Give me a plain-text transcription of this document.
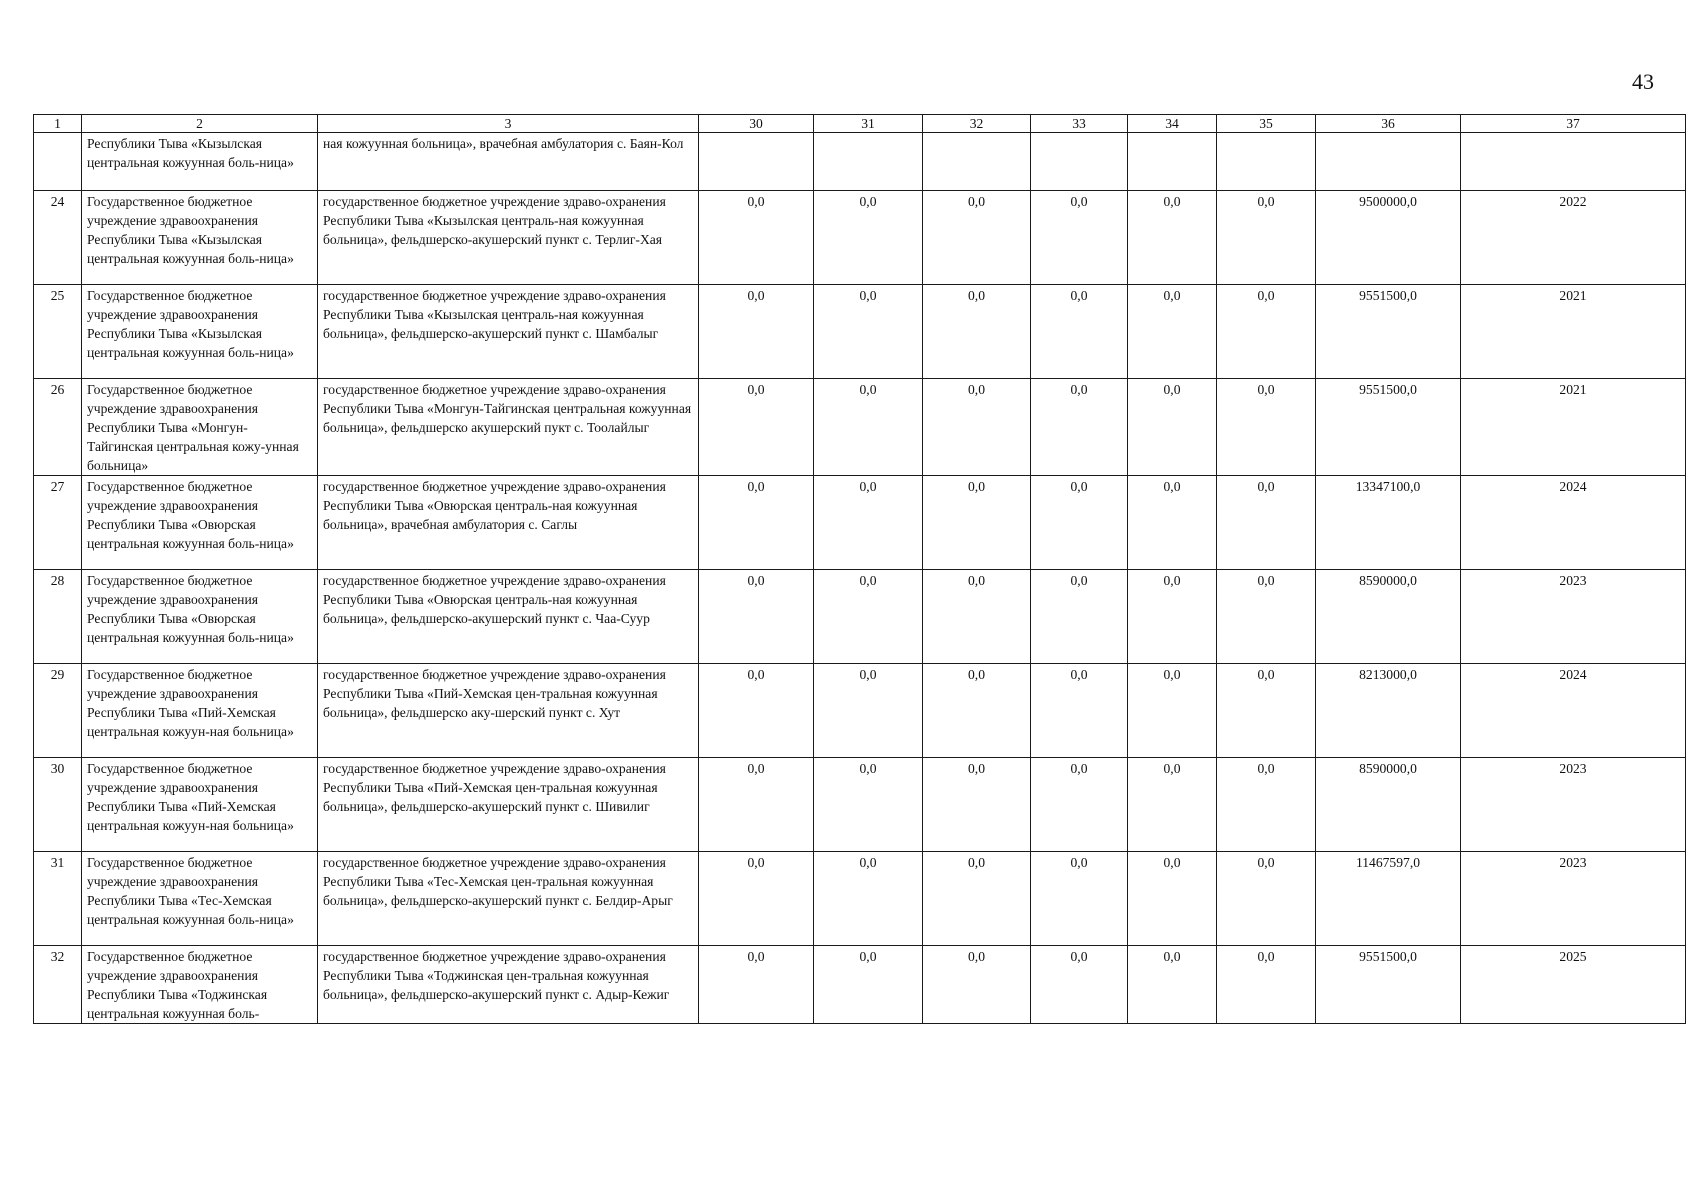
43
1	2	3	30	31	32	33	34	35	36	37
	Республики Тыва «Кызылская центральная кожуунная боль-ница»	ная кожуунная больница», врачебная амбулатория с. Баян-Кол								
24	Государственное бюджетное учреждение здравоохранения Республики Тыва «Кызылская центральная кожуунная боль-ница»	государственное бюджетное учреждение здраво-охранения Республики Тыва «Кызылская централь-ная кожуунная больница», фельдшерско-акушерский пункт с. Терлиг-Хая	0,0	0,0	0,0	0,0	0,0	0,0	9500000,0	2022
25	Государственное бюджетное учреждение здравоохранения Республики Тыва «Кызылская центральная кожуунная боль-ница»	государственное бюджетное учреждение здраво-охранения Республики Тыва «Кызылская централь-ная кожуунная больница», фельдшерско-акушерский пункт с. Шамбалыг	0,0	0,0	0,0	0,0	0,0	0,0	9551500,0	2021
26	Государственное бюджетное учреждение здравоохранения Республики Тыва «Монгун-Тайгинская центральная кожу-унная больница»	государственное бюджетное учреждение здраво-охранения Республики Тыва «Монгун-Тайгинская центральная кожуунная больница», фельдшерско акушерский пукт с. Тоолайлыг	0,0	0,0	0,0	0,0	0,0	0,0	9551500,0	2021
27	Государственное бюджетное учреждение здравоохранения Республики Тыва «Овюрская центральная кожуунная боль-ница»	государственное бюджетное учреждение здраво-охранения Республики Тыва «Овюрская централь-ная кожуунная больница», врачебная амбулатория с. Саглы	0,0	0,0	0,0	0,0	0,0	0,0	13347100,0	2024
28	Государственное бюджетное учреждение здравоохранения Республики Тыва «Овюрская центральная кожуунная боль-ница»	государственное бюджетное учреждение здраво-охранения Республики Тыва «Овюрская централь-ная кожуунная больница», фельдшерско-акушерский пункт с. Чаа-Суур	0,0	0,0	0,0	0,0	0,0	0,0	8590000,0	2023
29	Государственное бюджетное учреждение здравоохранения Республики Тыва «Пий-Хемская центральная кожуун-ная больница»	государственное бюджетное учреждение здраво-охранения Республики Тыва «Пий-Хемская цен-тральная кожуунная больница», фельдшерско аку-шерский пункт с. Хут	0,0	0,0	0,0	0,0	0,0	0,0	8213000,0	2024
30	Государственное бюджетное учреждение здравоохранения Республики Тыва «Пий-Хемская центральная кожуун-ная больница»	государственное бюджетное учреждение здраво-охранения Республики Тыва «Пий-Хемская цен-тральная кожуунная больница», фельдшерско-акушерский пункт с. Шивилиг	0,0	0,0	0,0	0,0	0,0	0,0	8590000,0	2023
31	Государственное бюджетное учреждение здравоохранения Республики Тыва «Тес-Хемская центральная кожуунная боль-ница»	государственное бюджетное учреждение здраво-охранения Республики Тыва «Тес-Хемская цен-тральная кожуунная больница», фельдшерско-акушерский пункт с. Белдир-Арыг	0,0	0,0	0,0	0,0	0,0	0,0	11467597,0	2023
32	Государственное бюджетное учреждение здравоохранения Республики Тыва «Тоджинская центральная кожуунная боль-	государственное бюджетное учреждение здраво-охранения Республики Тыва «Тоджинская цен-тральная кожуунная больница», фельдшерско-акушерский пункт с. Адыр-Кежиг	0,0	0,0	0,0	0,0	0,0	0,0	9551500,0	2025
